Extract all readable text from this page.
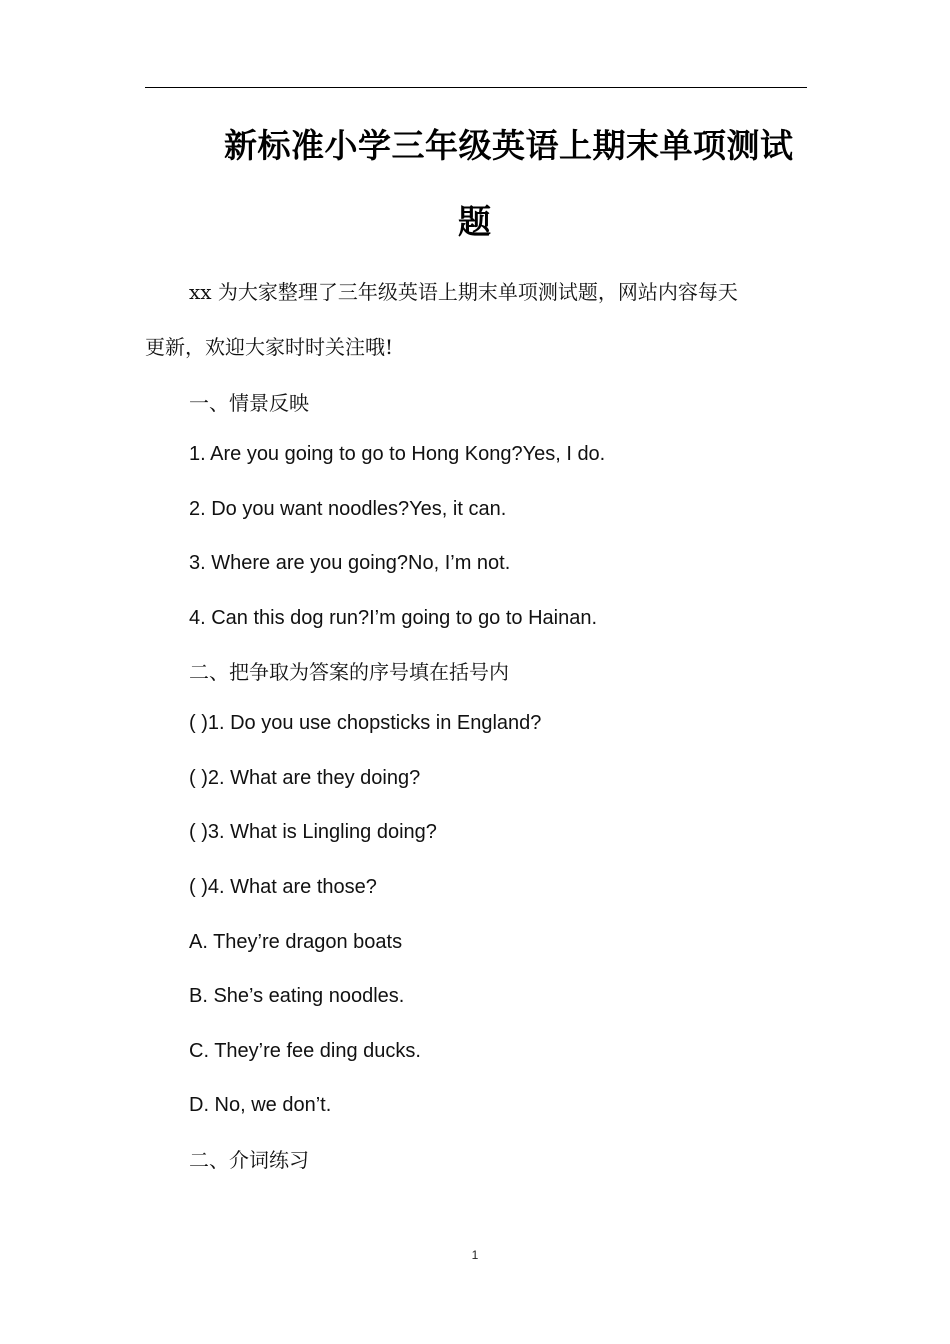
新标准小学三年级英语上期末单项测试
题
xx 为大家整理了三年级英语上期末单项测试题，网站内容每天
更新，欢迎大家时时关注哦!
一、情景反映
1. Are you going to go to Hong Kong?Yes, I do.
2. Do you want noodles?Yes, it can.
3. Where are you going?No, I’m not.
4. Can this dog run?I’m going to go to Hainan.
二、把争取为答案的序号填在括号内
( )1. Do you use chopsticks in England?
( )2. What are they doing?
( )3. What is Lingling doing?
( )4. What are those?
A. They’re dragon boats
B. She’s eating noodles.
C. They’re fee ding ducks.
D. No, we don’t.
二、介词练习
1
